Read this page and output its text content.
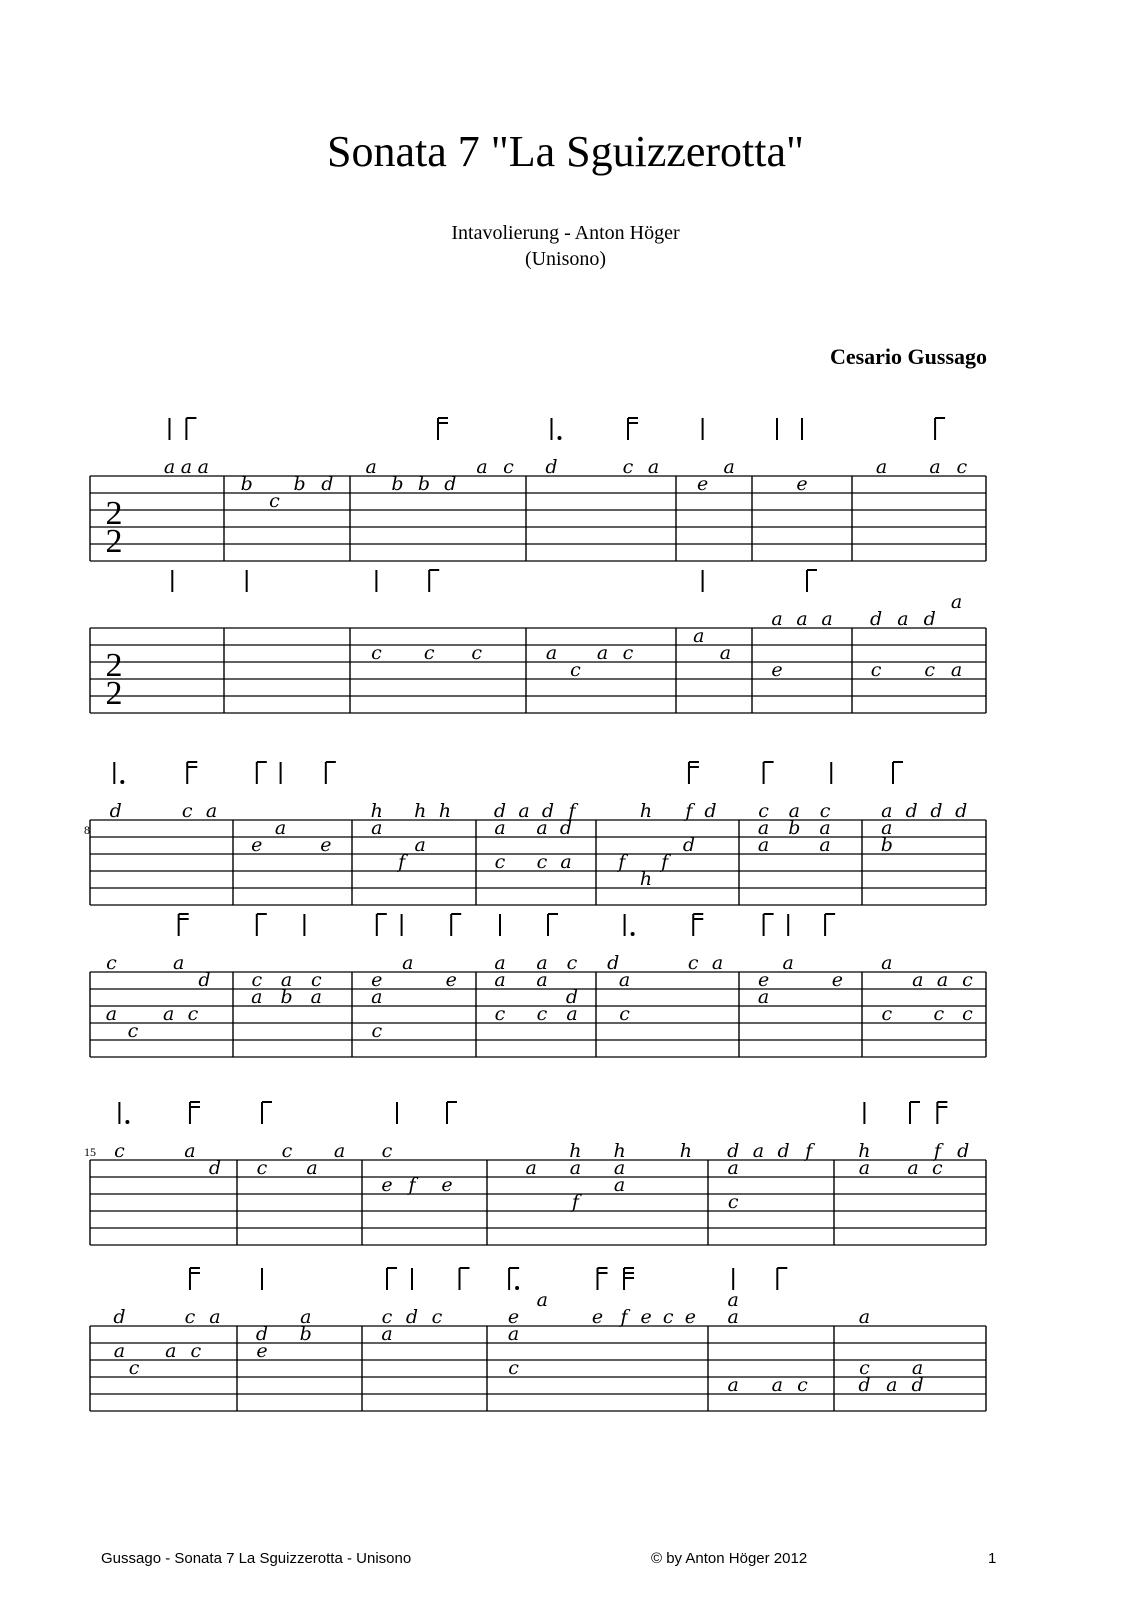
Sonata 7 "La Sguizzerotta"
Intavolierung - Anton Höger
(Unisono)
Cesario Gussago
2
2
a a a
b
c
b d
a
b b d
a c d	c a	a
e	e
a a c
2
2
c c c	a
c
a c
a
a
a a a
e
d a d
a
c c a
d	c a
a
e	e
h h h
a
a
f
d a d f
a a d
c c a
h f d
d
f f
h
c a c
a b a
a	a
a d d d
a
b
c	a
d
a
c
a c
c a c
a b a
a
e	e
a
c
a a c
a a
d
c c a
d	c a
a
c
a
e	e
a
a
a a c
c c c
c	a
d c
c
a
a c
e f e
h h	h
a a a
a
f
d a d f
a
c
h	f d
a a c
d	c a
a
c
a c
d b
a
e
c d c
a
a
e	e f e c e
a
c
a
a
a a c
a
c a
d a d
8
15
Gussago - Sonata 7 La Sguizzerotta - Unisono	© by Anton Höger 2012	1
